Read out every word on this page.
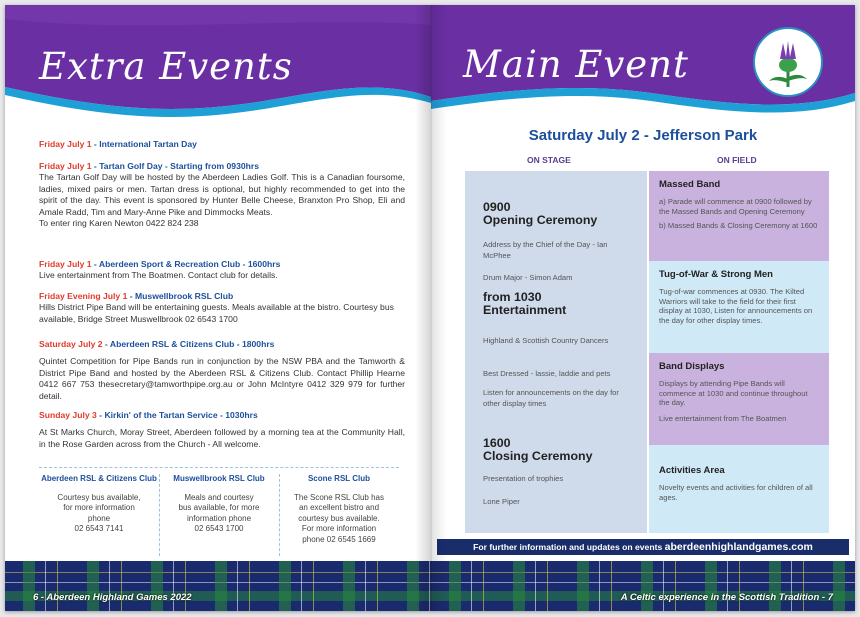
Extra Events
Friday July 1 - International Tartan Day
Friday July 1 - Tartan Golf Day - Starting from 0930hrs
The Tartan Golf Day will be hosted by the Aberdeen Ladies Golf. This is a Canadian foursome, ladies, mixed pairs or men. Tartan dress is optional, but highly recommended to get into the spirit of the day. This event is sponsored by Hunter Belle Cheese, Branxton Pro Shop, Eli and Amale Radd, Tim and Mary-Anne Pike and Dimmocks Meats.
To enter ring Karen Newton 0422 824 238
Friday July 1 - Aberdeen Sport & Recreation Club - 1600hrs
Live entertainment from The Boatmen. Contact club for details.
Friday Evening July 1 - Muswellbrook RSL Club
Hills District Pipe Band will be entertaining guests. Meals available at the bistro. Courtesy bus available, Bridge Street Muswellbrook 02 6543 1700
Saturday July 2 - Aberdeen RSL & Citizens Club - 1800hrs
Quintet Competition for Pipe Bands run in conjunction by the NSW PBA and the Tamworth & District Pipe Band and hosted by the Aberdeen RSL & Citizens Club. Contact Phillip Hearne 0412 667 753 thesecretary@tamworthpipe.org.au or John McIntyre 0412 329 979 for further detail.
Sunday July 3 - Kirkin' of the Tartan Service - 1030hrs
At St Marks Church, Moray Street, Aberdeen followed by a morning tea at the Community Hall, in the Rose Garden across from the Church - All welcome.
Aberdeen RSL & Citizens Club
Courtesy bus available,
for more information
phone
02 6543 7141
Muswellbrook RSL Club
Meals and courtesy
bus available, for more
information phone
02 6543 1700
Scone RSL Club
The Scone RSL Club has
an excellent bistro and
courtesy bus available.
For more information
phone 02 6545 1669
6 - Aberdeen Highland Games 2022
Main Event
Saturday July 2 - Jefferson Park
ON STAGE	ON FIELD
0900
Opening Ceremony
Address by the Chief of the Day - Ian McPhee
Drum Major - Simon Adam
from 1030
Entertainment
Highland & Scottish Country Dancers
Best Dressed - lassie, laddie and pets
Listen for announcements on the day for other display times
1600
Closing Ceremony
Presentation of trophies
Lone Piper
Massed Band
a) Parade will commence at 0900 followed by the Massed Bands and Opening Ceremony
b) Massed Bands & Closing Ceremony at 1600
Tug-of-War & Strong Men
Tug-of-war commences at 0930. The Kilted Warriors will take to the field for their first display at 1030, Listen for announcements on the day for other display times.
Band Displays
Displays by attending Pipe Bands will commence at 1030 and continue throughout the day.
Live entertainment from The Boatmen
Activities Area
Novelty events and activities for children of all ages.
For further information and updates on events aberdeenhighlandgames.com
A Celtic experience in the Scottish Tradition - 7
